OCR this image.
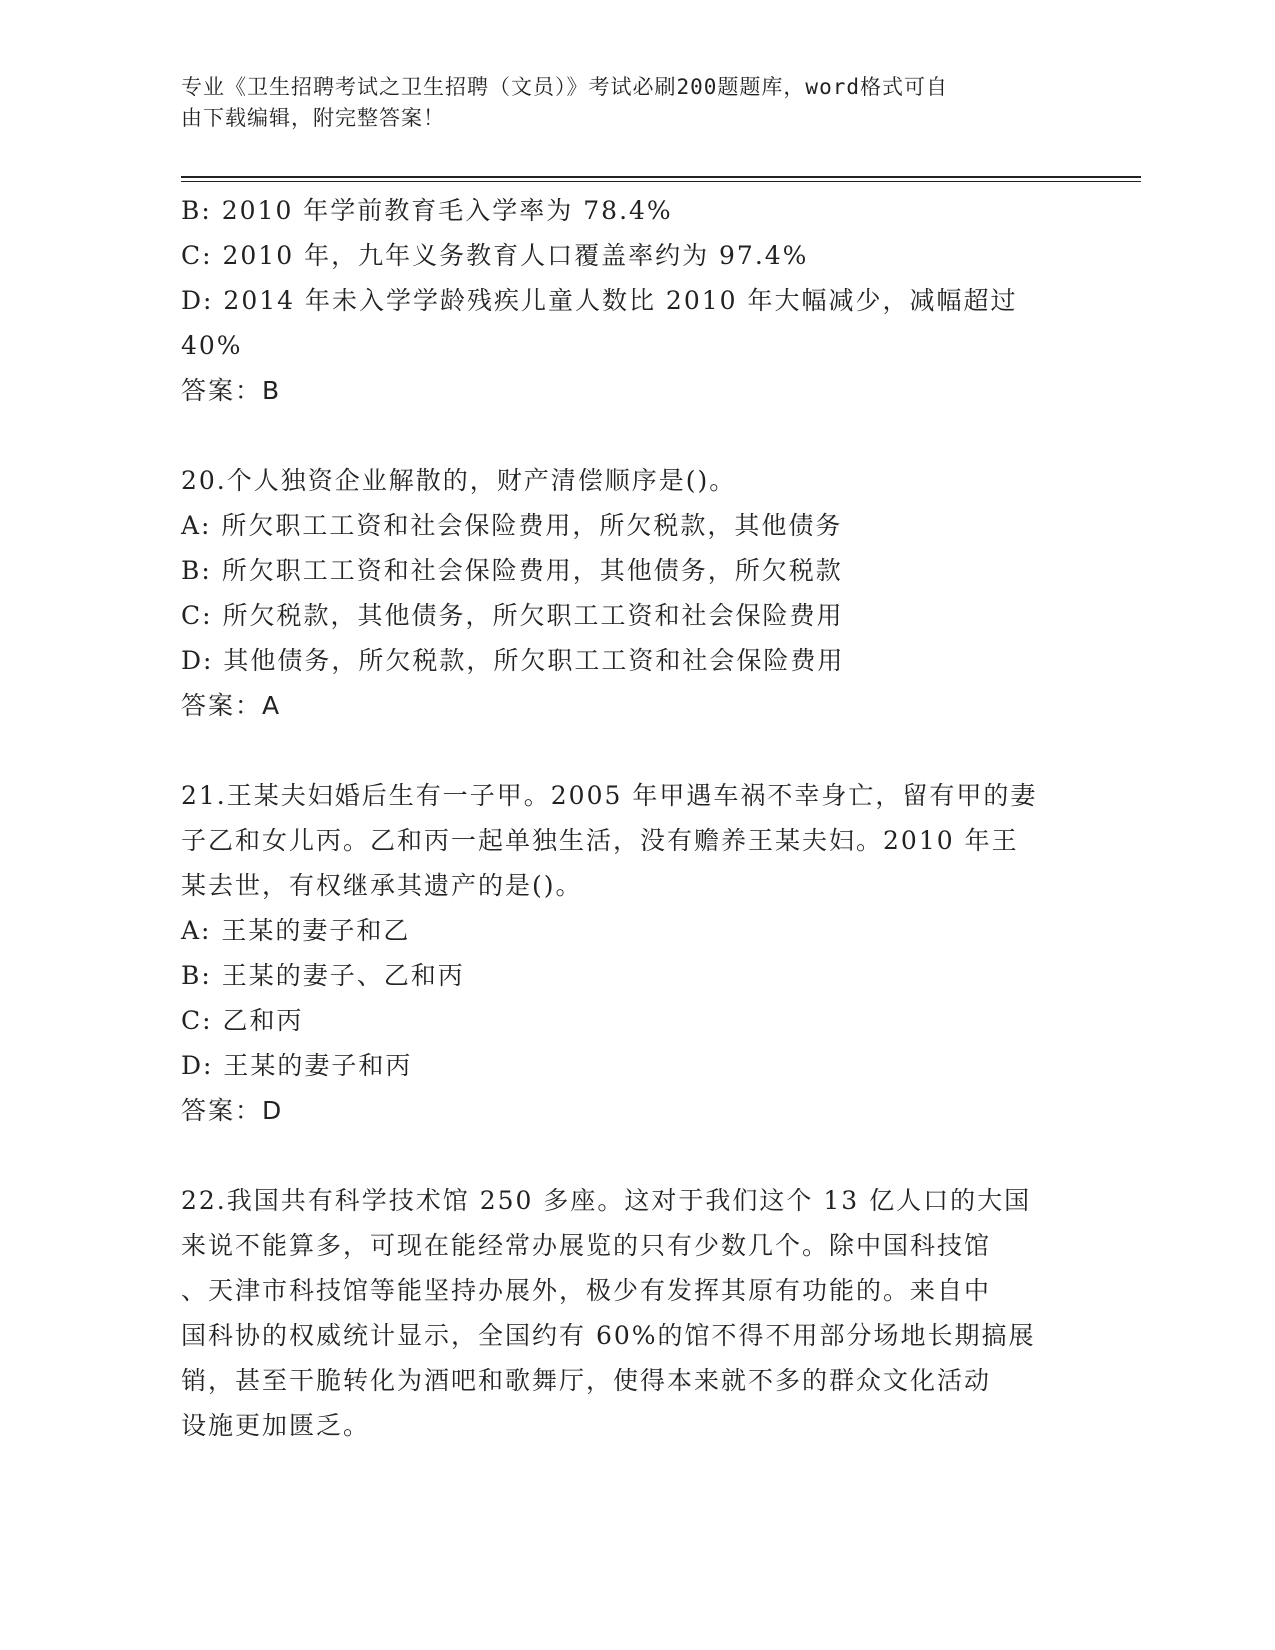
专业《卫生招聘考试之卫生招聘（文员）》考试必刷200题题库，word格式可自
由下载编辑，附完整答案！
B: 2010 年学前教育毛入学率为 78.4%
C: 2010 年，九年义务教育人口覆盖率约为 97.4%
D: 2014 年未入学学龄残疾儿童人数比 2010 年大幅减少，减幅超过
40%
答案：B
20.个人独资企业解散的，财产清偿顺序是()。
A: 所欠职工工资和社会保险费用，所欠税款，其他债务
B: 所欠职工工资和社会保险费用，其他债务，所欠税款
C: 所欠税款，其他债务，所欠职工工资和社会保险费用
D: 其他债务，所欠税款，所欠职工工资和社会保险费用
答案：A
21.王某夫妇婚后生有一子甲。2005 年甲遇车祸不幸身亡，留有甲的妻
子乙和女儿丙。乙和丙一起单独生活，没有赡养王某夫妇。2010 年王
某去世，有权继承其遗产的是()。
A: 王某的妻子和乙
B: 王某的妻子、乙和丙
C: 乙和丙
D: 王某的妻子和丙
答案：D
22.我国共有科学技术馆 250 多座。这对于我们这个 13 亿人口的大国
来说不能算多，可现在能经常办展览的只有少数几个。除中国科技馆
、天津市科技馆等能坚持办展外，极少有发挥其原有功能的。来自中
国科协的权威统计显示，全国约有 60%的馆不得不用部分场地长期搞展
销，甚至干脆转化为酒吧和歌舞厅，使得本来就不多的群众文化活动
设施更加匮乏。
